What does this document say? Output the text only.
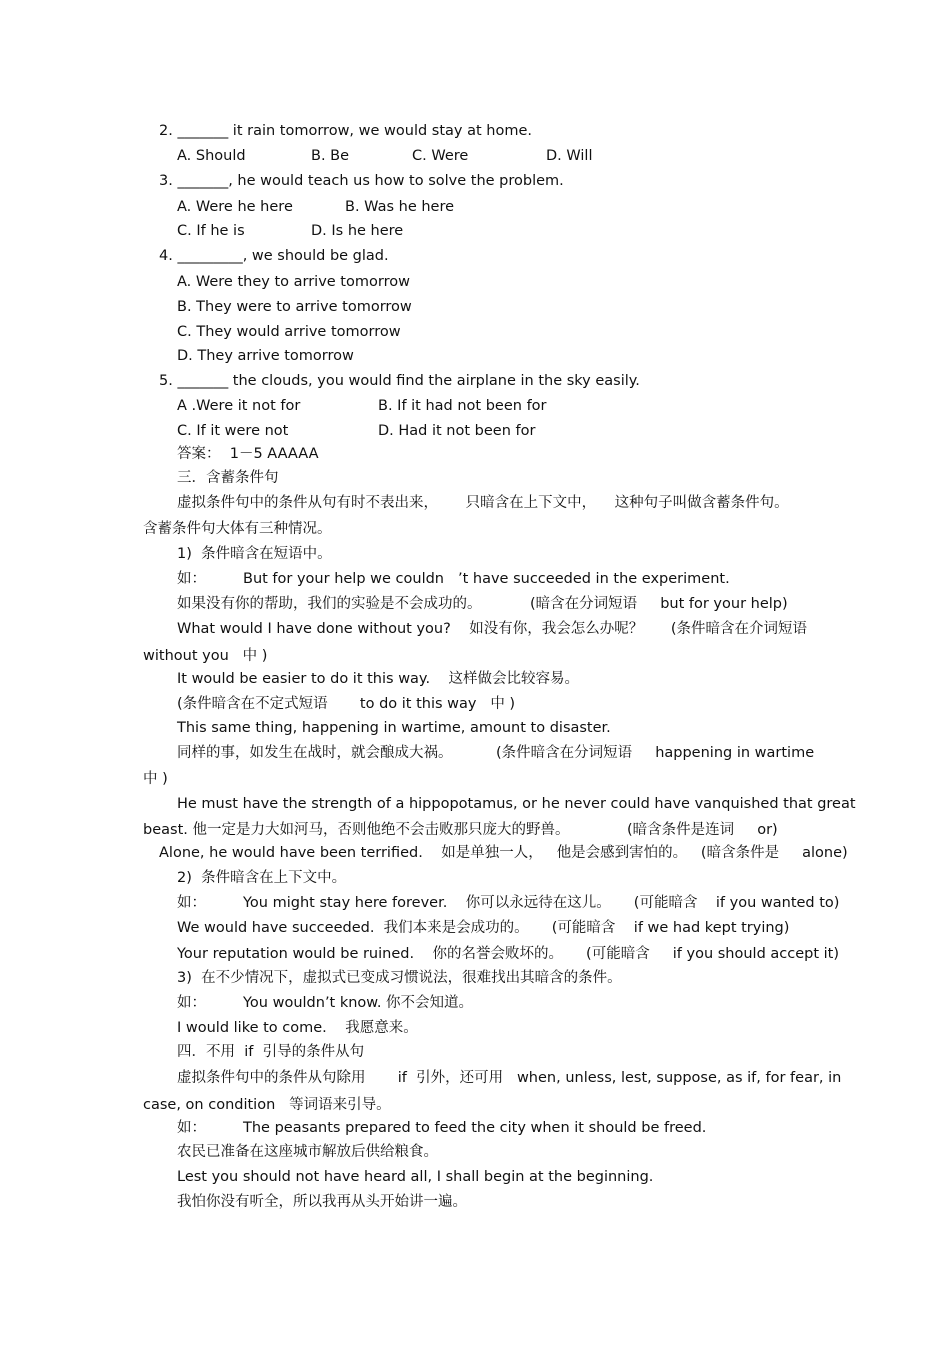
2. _______ it rain tomorrow, we would stay at home.
A. Should	B. Be	C. Were	D. Will
3. _______, he would teach us how to solve the problem.
A. Were he here	B. Was he here
C. If he is	D. Is he here
4. _________, we should be glad.
A. Were they to arrive tomorrow
B. They were to arrive tomorrow
C. They would arrive tomorrow
D. They arrive tomorrow
5. _______ the clouds, you would find the airplane in the sky easily.
A .Were it not for	B. If it had not been for
C. If it were not	D. Had it not been for
答案：  1－5 AAAAA
三．含蓄条件句
虚拟条件句中的条件从句有时不表出来，      只暗含在上下文中，    这种句子叫做含蓄条件句。
含蓄条件句大体有三种情况。
1)  条件暗含在短语中。
如：	But for your help we couldn ’t have succeeded in the experiment.
如果没有你的帮助，我们的实验是不会成功的。	(暗含在分词短语     but for your help)
What would I have done without you?    如没有你，我会怎么办呢？      (条件暗含在介词短语
without you   中 )
It would be easier to do it this way.    这样做会比较容易。
(条件暗含在不定式短语       to do it this way   中 )
This same thing, happening in wartime, amount to disaster.
同样的事，如发生在战时，就会酿成大祸。	(条件暗含在分词短语     happening in wartime
中 )
He must have the strength of a hippopotamus, or he never could have vanquished that great
beast. 他一定是力大如河马，否则他绝不会击败那只庞大的野兽。	(暗含条件是连词     or)
Alone, he would have been terrified.    如是单独一人，   他是会感到害怕的。   (暗含条件是     alone)
2)  条件暗含在上下文中。
如：	You might stay here forever.    你可以永远待在这儿。     (可能暗含    if you wanted to)
We would have succeeded.  我们本来是会成功的。     (可能暗含    if we had kept trying)
Your reputation would be ruined.    你的名誉会败坏的。     (可能暗含     if you should accept it)
3)  在不少情况下，虚拟式已变成习惯说法，很难找出其暗含的条件。
如：	You wouldn’t know. 你不会知道。
I would like to come.    我愿意来。
四．不用  if  引导的条件从句
虚拟条件句中的条件从句除用       if  引外，还可用   when, unless, lest, suppose, as if, for fear, in
case, on condition   等词语来引导。
如：	The peasants prepared to feed the city when it should be freed.
农民已准备在这座城市解放后供给粮食。
Lest you should not have heard all, I shall begin at the beginning.
我怕你没有听全，所以我再从头开始讲一遍。
